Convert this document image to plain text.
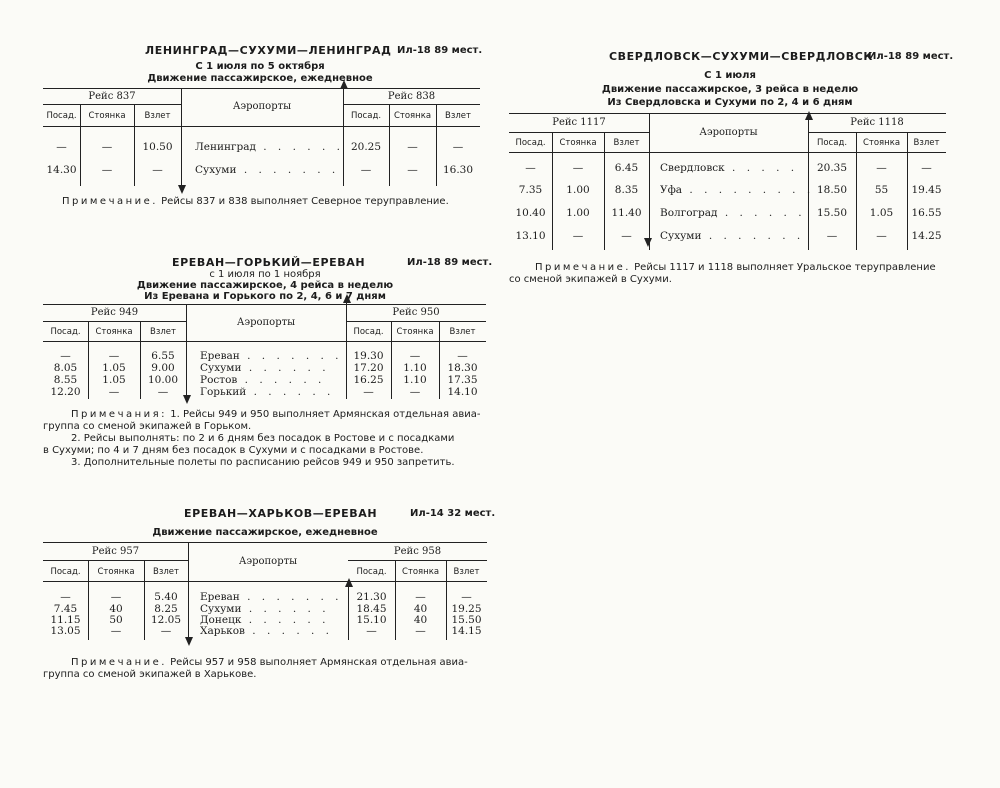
ЛЕНИНГРАД—СУХУМИ—ЛЕНИНГРАД Ил-18 89 мест.
С 1 июля по 5 октября
Движение пассажирское, ежедневное
Рейс 837
Аэропорты
Рейс 838
Посад.	Стоянка	Взлет	Посад.	Стоянка	Взлет
—	—	10.50	Ленинград . . . . . . 20.25	—	—
14.30	—	—	Сухуми . . . . . . .	—	—	16.30
Примечание. Рейсы 837 и 838 выполняет Северное теруправление.
ЕРЕВАН—ГОРЬКИЙ—ЕРЕВАН	Ил-18 89 мест.
с 1 июля по 1 ноября
Движение пассажирское, 4 рейса в неделю
Из Еревана и Горького по 2, 4, 6 и 7 дням
Рейс 949
Аэропорты
Рейс 950
Посад.	Стоянка	Взлет	Посад.	Стоянка	Взлет
—	—	6.55	Ереван . . . . . . .	19.30	—	—
8.05	1.05	9.00	Сухуми . . . . . .	17.20	1.10	18.30
8.55	1.05	10.00	Ростов . . . . . .	16.25	1.10	17.35
12.20	—	—	Горький . . . . . .	—	—	14.10
Примечания: 1. Рейсы 949 и 950 выполняет Армянская отдельная авиа-
группа со сменой экипажей в Горьком.
2. Рейсы выполнять: по 2 и 6 дням без посадок в Ростове и с посадками
в Сухуми; по 4 и 7 дням без посадок в Сухуми и с посадками в Ростове.
3. Дополнительные полеты по расписанию рейсов 949 и 950 запретить.
ЕРЕВАН—ХАРЬКОВ—ЕРЕВАН	Ил-14 32 мест.
Движение пассажирское, ежедневное
Рейс 957
Аэропорты
Рейс 958
Посад.	Стоянка	Взлет	Посад.	Стоянка	Взлет
—	—	5.40	Ереван . . . . . . .	21.30	—	—
7.45	40	8.25	Сухуми . . . . . .	18.45	40	19.25
11.15	50	12.05	Донецк . . . . . .	15.10	40	15.50
13.05	—	—	Харьков . . . . . .	—	—	14.15
Примечание. Рейсы 957 и 958 выполняет Армянская отдельная авиа-
группа со сменой экипажей в Харькове.
СВЕРДЛОВСК—СУХУМИ—СВЕРДЛОВСК
Ил-18 89 мест.
С 1 июля
Движение пассажирское, 3 рейса в неделю
Из Свердловска и Сухуми по 2, 4 и 6 дням
Рейс 1117
Аэропорты
Рейс 1118
Посад.	Стоянка	Взлет	Посад.	Стоянка	Взлет
—	—	6.45	Свердловск . . . . .	20.35	—	—
7.35	1.00	8.35	Уфа . . . . . . . . . 18.50	55	19.45
10.40	1.00	11.40	Волгоград . . . . . .	15.50	1.05	16.55
13.10	—	—	Сухуми . . . . . . .	—	—	14.25
Примечание. Рейсы 1117 и 1118 выполняет Уральское теруправление
со сменой экипажей в Сухуми.
